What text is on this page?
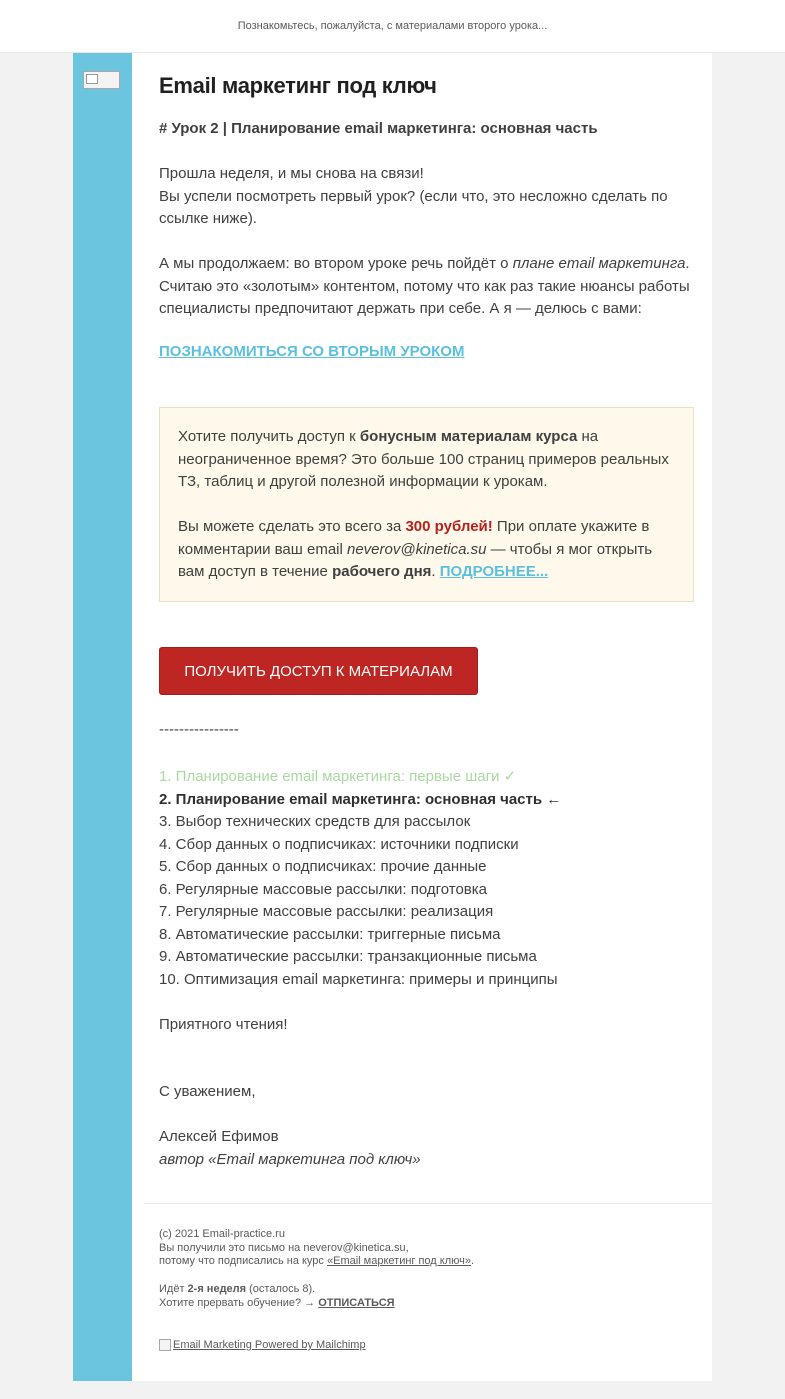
Познакомьтесь, пожалуйста, с материалами второго урока...
Email маркетинг под ключ
# Урок 2 | Планирование email маркетинга: основная часть
Прошла неделя, и мы снова на связи!
Вы успели посмотреть первый урок? (если что, это несложно сделать по ссылке ниже).
А мы продолжаем: во втором уроке речь пойдёт о плане email маркетинга. Считаю это «золотым» контентом, потому что как раз такие нюансы работы специалисты предпочитают держать при себе. А я — делюсь с вами:
ПОЗНАКОМИТЬСЯ СО ВТОРЫМ УРОКОМ
Хотите получить доступ к бонусным материалам курса на неограниченное время? Это больше 100 страниц примеров реальных ТЗ, таблиц и другой полезной информации к урокам.
Вы можете сделать это всего за 300 рублей! При оплате укажите в комментарии ваш email neverov@kinetica.su — чтобы я мог открыть вам доступ в течение рабочего дня. ПОДРОБНЕЕ...
ПОЛУЧИТЬ ДОСТУП К МАТЕРИАЛАМ
----------------
1. Планирование email маркетинга: первые шаги ✓
2. Планирование email маркетинга: основная часть ←
3. Выбор технических средств для рассылок
4. Сбор данных о подписчиках: источники подписки
5. Сбор данных о подписчиках: прочие данные
6. Регулярные массовые рассылки: подготовка
7. Регулярные массовые рассылки: реализация
8. Автоматические рассылки: триггерные письма
9. Автоматические рассылки: транзакционные письма
10. Оптимизация email маркетинга: примеры и принципы
Приятного чтения!
С уважением,
Алексей Ефимов
автор «Email маркетинга под ключ»
(c) 2021 Email-practice.ru
Вы получили это письмо на neverov@kinetica.su,
потому что подписались на курс «Email маркетинг под ключ».
Идёт 2-я неделя (осталось 8).
Хотите прервать обучение? → ОТПИСАТЬСЯ
Email Marketing Powered by Mailchimp
